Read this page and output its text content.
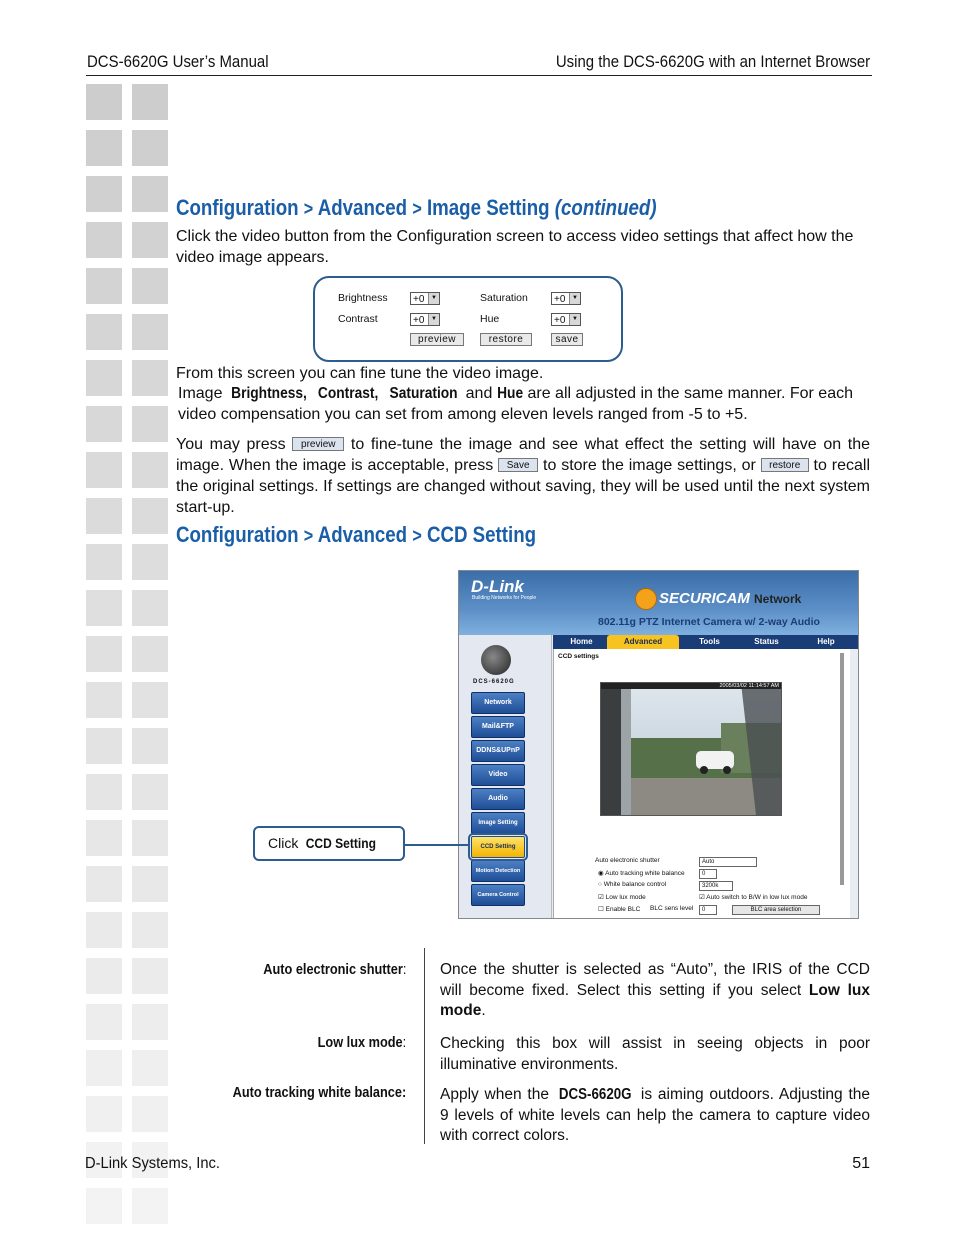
DCS-6620G User’s Manual	Using the DCS-6620G with an Internet Browser
Configuration > Advanced > Image Setting (continued)
Click the video button from the Configuration screen to access video settings that affect how the video image appears.
Brightness	+0	▼	Saturation	+0	▼
Contrast	+0	▼	Hue	+0	▼
preview	restore	save
From this screen you can fine tune the video image.
Image Brightness, Contrast, Saturation and Hue are all adjusted in the same manner. For each video compensation you can set from among eleven levels ranged from -5 to +5.
You may press preview to fine-tune the image and see what effect the setting will have on the image. When the image is acceptable, press Save to store the image settings, or restore to recall the original settings. If settings are changed without saving, they will be used until the next system start-up.
Configuration > Advanced > CCD Setting
D-Link
Building Networks for People	SECURICAM Network
802.11g PTZ Internet Camera w/ 2-way Audio
Home	Advanced	Tools	Status	Help
DCS-6620G
Network
Mail&FTP
DDNS&UPnP
Video
Audio
Image Setting
CCD Setting
Motion Detection
Camera Control
CCD settings
2005/03/02 11:14:57 AM
Auto electronic shutter	Auto
◉ Auto tracking white balance	0
○ White balance control	3200k
☑ Low lux mode	☑ Auto switch to B/W in low lux mode
☐ Enable BLC BLC sens level	0	BLC area selection
Click CCD Setting
Auto electronic shutter: Once the shutter is selected as “Auto”, the IRIS of the CCD will become fixed. Select this setting if you select Low lux mode.
Low lux mode: Checking this box will assist in seeing objects in poor illuminative environments.
Auto tracking white balance: Apply when the DCS-6620G is aiming outdoors. Adjusting the 9 levels of white levels can help the camera to capture video with correct colors.
D-Link Systems, Inc.	51
